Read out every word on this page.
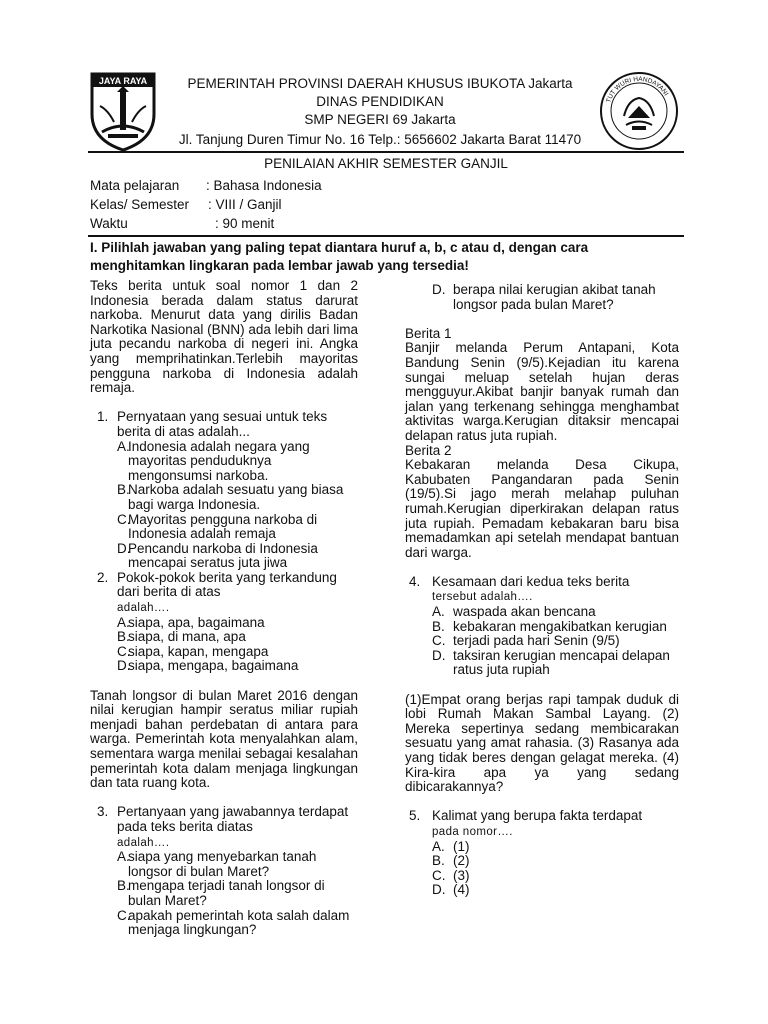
JAYA RAYA
TUT WURI HANDAYANI
PEMERINTAH PROVINSI DAERAH KHUSUS IBUKOTA Jakarta
DINAS PENDIDIKAN
SMP NEGERI 69 Jakarta
Jl. Tanjung Duren Timur No. 16 Telp.: 5656602 Jakarta Barat 11470
PENILAIAN AKHIR SEMESTER GANJIL
Mata pelajaran : Bahasa Indonesia
Kelas/ Semester : VIII / Ganjil
Waktu	: 90 menit
I. Pilihlah jawaban yang paling tepat diantara huruf a, b, c atau d, dengan cara menghitamkan lingkaran pada lembar jawab yang tersedia!

Teks berita untuk soal nomor 1 dan 2 Indonesia berada dalam status darurat narkoba. Menurut data yang dirilis Badan Narkotika Nasional (BNN) ada lebih dari lima juta pecandu narkoba di negeri ini. Angka yang memprihatinkan.Terlebih mayoritas pengguna narkoba di Indonesia adalah remaja.

1. Pernyataan yang sesuai untuk teks berita di atas adalah...
A.
Indonesia adalah negara yang mayoritas penduduknya mengonsumsi narkoba.
B.
Narkoba adalah sesuatu yang biasa bagi warga Indonesia.
C.
Mayoritas pengguna narkoba di Indonesia adalah remaja
D.
Pencandu narkoba di Indonesia mencapai seratus juta jiwa
2. Pokok-pokok berita yang terkandung dari berita di atas
adalah….
A.
siapa, apa, bagaimana
B.
siapa, di mana, apa
C.
siapa, kapan, mengapa
D.
siapa, mengapa, bagaimana

Tanah longsor di bulan Maret 2016 dengan nilai kerugian hampir seratus miliar rupiah menjadi bahan perdebatan di antara para warga. Pemerintah kota menyalahkan alam, sementara warga menilai sebagai kesalahan pemerintah kota dalam menjaga lingkungan dan tata ruang kota.

3. Pertanyaan yang jawabannya terdapat pada teks berita diatas
adalah….
A.
siapa yang menyebarkan tanah longsor di bulan Maret?
B.
mengapa terjadi tanah longsor di bulan Maret?
C.
apakah pemerintah kota salah dalam menjaga lingkungan?
D. berapa nilai kerugian akibat tanah longsor pada bulan Maret?
Berita 1

Banjir melanda Perum Antapani, Kota Bandung Senin (9/5).Kejadian itu karena sungai meluap setelah hujan deras mengguyur.Akibat banjir banyak rumah dan jalan yang terkenang sehingga menghambat aktivitas warga.Kerugian ditaksir mencapai delapan ratus juta rupiah.

Berita 2

Kebakaran melanda Desa Cikupa, Kabubaten Pangandaran pada Senin (19/5).Si jago merah melahap puluhan rumah.Kerugian diperkirakan delapan ratus juta rupiah. Pemadam kebakaran baru bisa memadamkan api setelah mendapat bantuan dari warga.

4. Kesamaan dari kedua teks berita
tersebut adalah….
A. waspada akan bencana
B. kebakaran mengakibatkan kerugian
C. terjadi pada hari Senin (9/5)
D. taksiran kerugian mencapai delapan ratus juta rupiah

(1)Empat orang berjas rapi tampak duduk di lobi Rumah Makan Sambal Layang. (2) Mereka sepertinya sedang membicarakan sesuatu yang amat rahasia. (3) Rasanya ada yang tidak beres dengan gelagat mereka. (4) Kira-kira apa ya yang sedang dibicarakannya?

5. Kalimat yang berupa fakta terdapat
pada nomor….
A. (1)
B. (2)
C. (3)
D. (4)
